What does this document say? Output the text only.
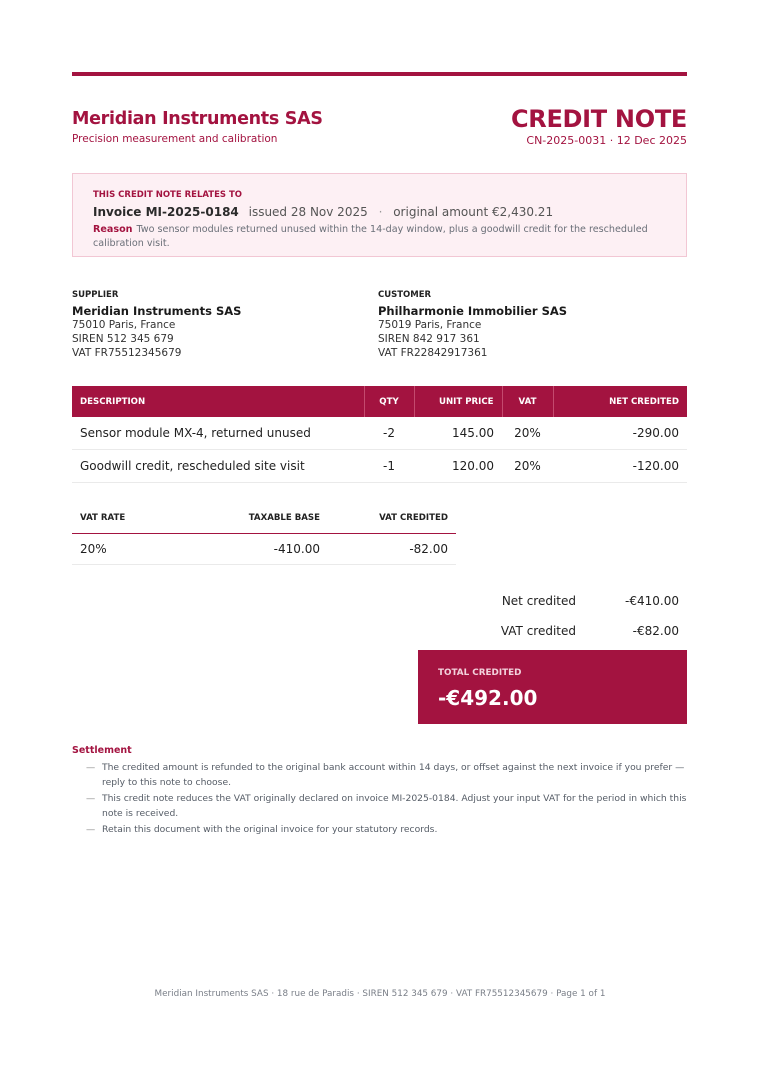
Meridian Instruments SAS
Precision measurement and calibration
CREDIT NOTE
CN-2025-0031 · 12 Dec 2025
THIS CREDIT NOTE RELATES TO
Invoice MI-2025-0184 issued 28 Nov 2025 · original amount €2,430.21
Reason Two sensor modules returned unused within the 14-day window, plus a goodwill credit for the rescheduled calibration visit.
SUPPLIER
Meridian Instruments SAS
75010 Paris, France
SIREN 512 345 679
VAT FR75512345679
CUSTOMER
Philharmonie Immobilier SAS
75019 Paris, France
SIREN 842 917 361
VAT FR22842917361
DESCRIPTION	QTY	UNIT PRICE	VAT	NET CREDITED
Sensor module MX-4, returned unused	-2	145.00	20%	-290.00
Goodwill credit, rescheduled site visit	-1	120.00	20%	-120.00
VAT RATE	TAXABLE BASE	VAT CREDITED
20%	-410.00	-82.00
Net credited	-€410.00
VAT credited	-€82.00
TOTAL CREDITED
-€492.00
Settlement
— The credited amount is refunded to the original bank account within 14 days, or offset against the next invoice if you prefer — reply to this note to choose.
— This credit note reduces the VAT originally declared on invoice MI-2025-0184. Adjust your input VAT for the period in which this note is received.
— Retain this document with the original invoice for your statutory records.
Meridian Instruments SAS · 18 rue de Paradis · SIREN 512 345 679 · VAT FR75512345679 · Page 1 of 1
